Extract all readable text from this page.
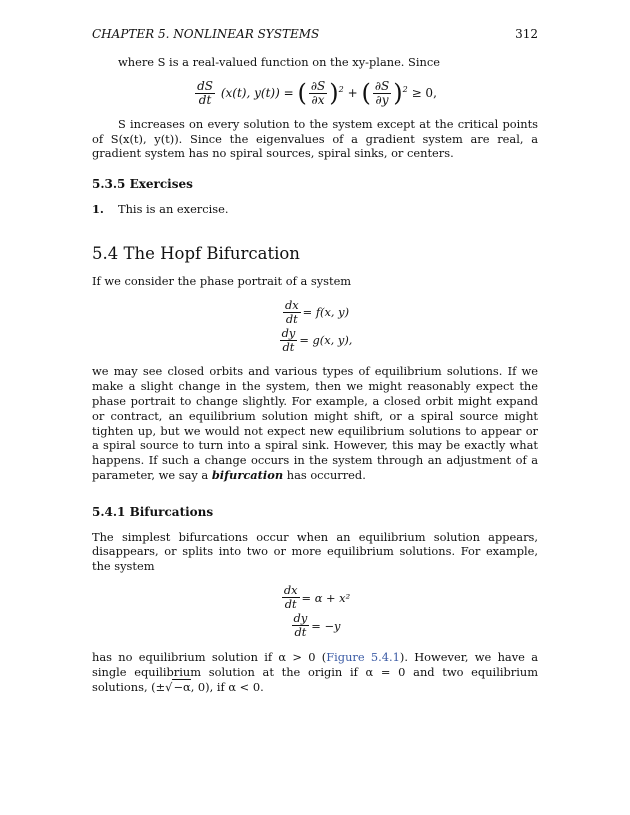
CHAPTER 5. NONLINEAR SYSTEMS	312

where S is a real-valued function on the xy-plane. Since

$\frac{dS}{dt} (x(t)$, y(t)) = ( $\frac{\partial S}{\partial x} )^2$ + ( $\frac{\partial S}{\partial y} )^2 \ge 0$,

S increases on every solution to the system except at the critical points of S(x(t), y(t)). Since the eigenvalues of a gradient system are real, a gradient system has no spiral sources, spiral sinks, or centers.

5.3.5 Exercises
1.	This is an exercise.
5.4 The Hopf Bifurcation

If we consider the phase portrait of a system

$\frac{dx}{dt} = f(x$, y)
$\frac{dy}{dt} = g(x$, y),

we may see closed orbits and various types of equilibrium solutions. If we make a slight change in the system, then we might reasonably expect the phase portrait to change slightly. For example, a closed orbit might expand or contract, an equilibrium solution might shift, or a spiral source might tighten up, but we would not expect new equilibrium solutions to appear or a spiral source to turn into a spiral sink. However, this may be exactly what happens. If such a change occurs in the system through an adjustment of a parameter, we say a bifurcation has occurred.

5.4.1 Bifurcations

The simplest bifurcations occur when an equilibrium solution appears, disappears, or splits into two or more equilibrium solutions. For example, the system

$\frac{dx}{dt} = \alpha + x^2$
$\frac{dy}{dt} = -y$

has no equilibrium solution if α > 0 (Figure 5.4.1). However, we have a single equilibrium solution at the origin if α = 0 and two equilibrium solutions, (±√−α, 0), if α < 0.
